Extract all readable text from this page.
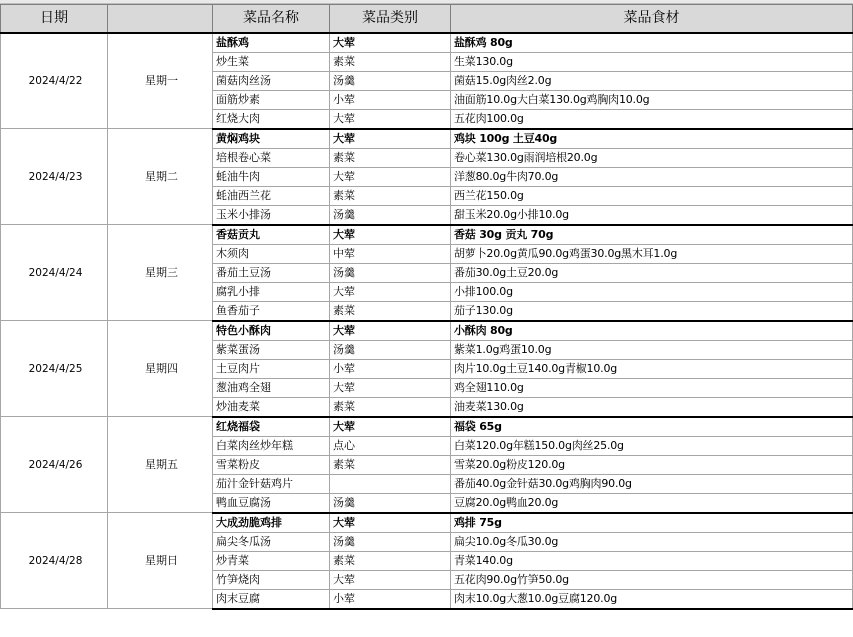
日期		菜品名称	菜品类别	菜品食材
2024/4/22	星期一	盐酥鸡	大荤	盐酥鸡 80g
		炒生菜	素菜	生菜130.0g
		菌菇肉丝汤	汤羹	菌菇15.0g肉丝2.0g
		面筋炒素	小荤	油面筋10.0g大白菜130.0g鸡胸肉10.0g
		红烧大肉	大荤	五花肉100.0g
2024/4/23	星期二	黄焖鸡块	大荤	鸡块 100g 土豆40g
		培根卷心菜	素菜	卷心菜130.0g雨润培根20.0g
		蚝油牛肉	大荤	洋葱80.0g牛肉70.0g
		蚝油西兰花	素菜	西兰花150.0g
		玉米小排汤	汤羹	甜玉米20.0g小排10.0g
2024/4/24	星期三	香菇贡丸	大荤	香菇 30g 贡丸 70g
		木须肉	中荤	胡萝卜20.0g黄瓜90.0g鸡蛋30.0g黑木耳1.0g
		番茄土豆汤	汤羹	番茄30.0g土豆20.0g
		腐乳小排	大荤	小排100.0g
		鱼香茄子	素菜	茄子130.0g
2024/4/25	星期四	特色小酥肉	大荤	小酥肉 80g
		紫菜蛋汤	汤羹	紫菜1.0g鸡蛋10.0g
		土豆肉片	小荤	肉片10.0g土豆140.0g青椒10.0g
		葱油鸡全翅	大荤	鸡全翅110.0g
		炒油麦菜	素菜	油麦菜130.0g
2024/4/26	星期五	红烧福袋	大荤	福袋 65g
		白菜肉丝炒年糕	点心	白菜120.0g年糕150.0g肉丝25.0g
		雪菜粉皮	素菜	雪菜20.0g粉皮120.0g
		茄汁金针菇鸡片		番茄40.0g金针菇30.0g鸡胸肉90.0g
		鸭血豆腐汤	汤羹	豆腐20.0g鸭血20.0g
2024/4/28	星期日	大成劲脆鸡排	大荤	鸡排 75g
		扁尖冬瓜汤	汤羹	扁尖10.0g冬瓜30.0g
		炒青菜	素菜	青菜140.0g
		竹笋烧肉	大荤	五花肉90.0g竹笋50.0g
		肉末豆腐	小荤	肉末10.0g大葱10.0g豆腐120.0g
